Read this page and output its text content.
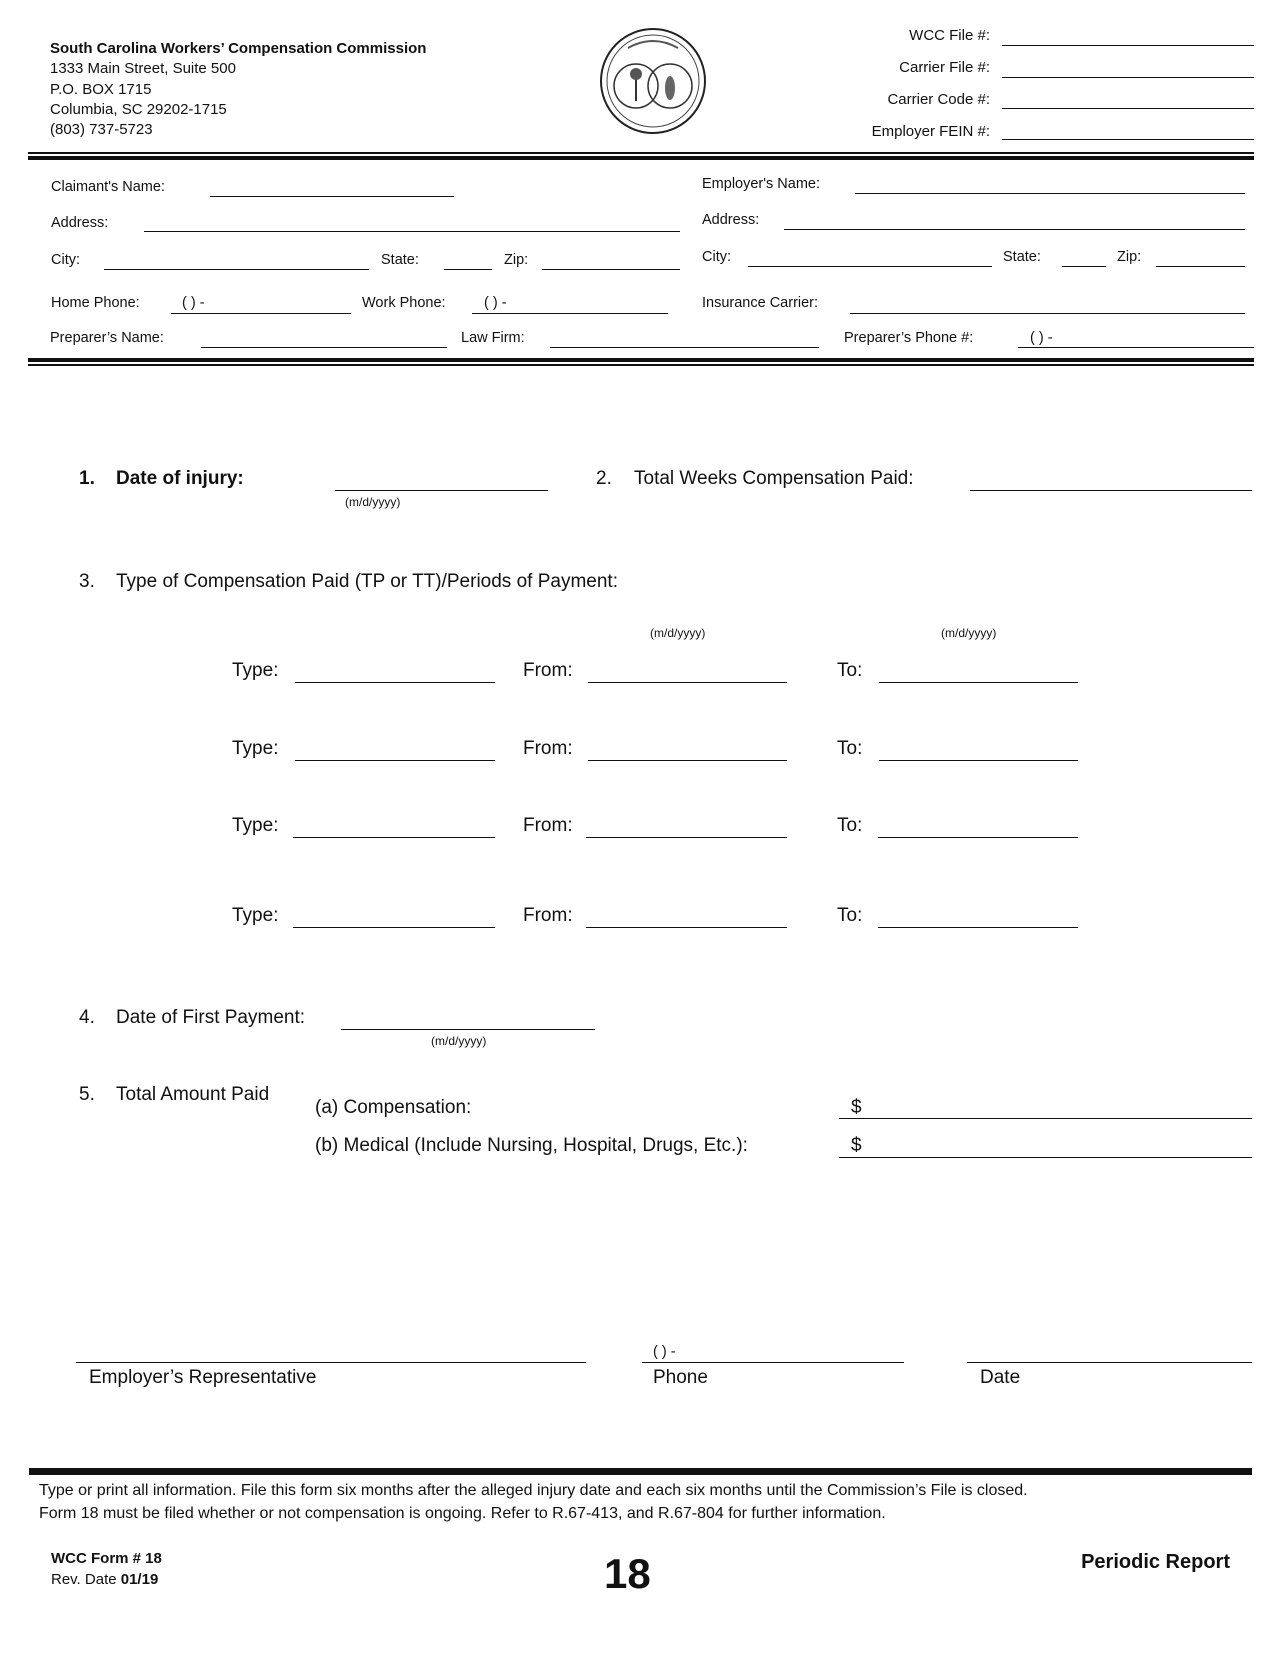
South Carolina Workers’ Compensation Commission
1333 Main Street, Suite 500
P.O. BOX 1715
Columbia, SC 29202-1715
(803) 737-5723
WCC File #:
Carrier File #:
Carrier Code #:
Employer FEIN #:
Claimant's Name:
Address:
City:	State:	Zip:
Home Phone:	( ) -	Work Phone:	( ) -
Employer's Name:
Address:
City:	State:	Zip:
Insurance Carrier:
Preparer’s Name:	Law Firm:	Preparer’s Phone #:	( ) -
1. Date of injury:
(m/d/yyyy)
2. Total Weeks Compensation Paid:
3. Type of Compensation Paid (TP or TT)/Periods of Payment:
(m/d/yyyy)	(m/d/yyyy)
Type:	From:	To:
Type:	From:	To:
Type:	From:	To:
Type:	From:	To:
4. Date of First Payment:
(m/d/yyyy)
5. Total Amount Paid
(a) Compensation:	$
(b) Medical (Include Nursing, Hospital, Drugs, Etc.):	$
Employer’s Representative
( ) -
Phone	Date
Type or print all information. File this form six months after the alleged injury date and each six months until the Commission’s File is closed.
Form 18 must be filed whether or not compensation is ongoing. Refer to R.67-413, and R.67-804 for further information.
WCC Form # 18
Rev. Date 01/19	18	Periodic Report
